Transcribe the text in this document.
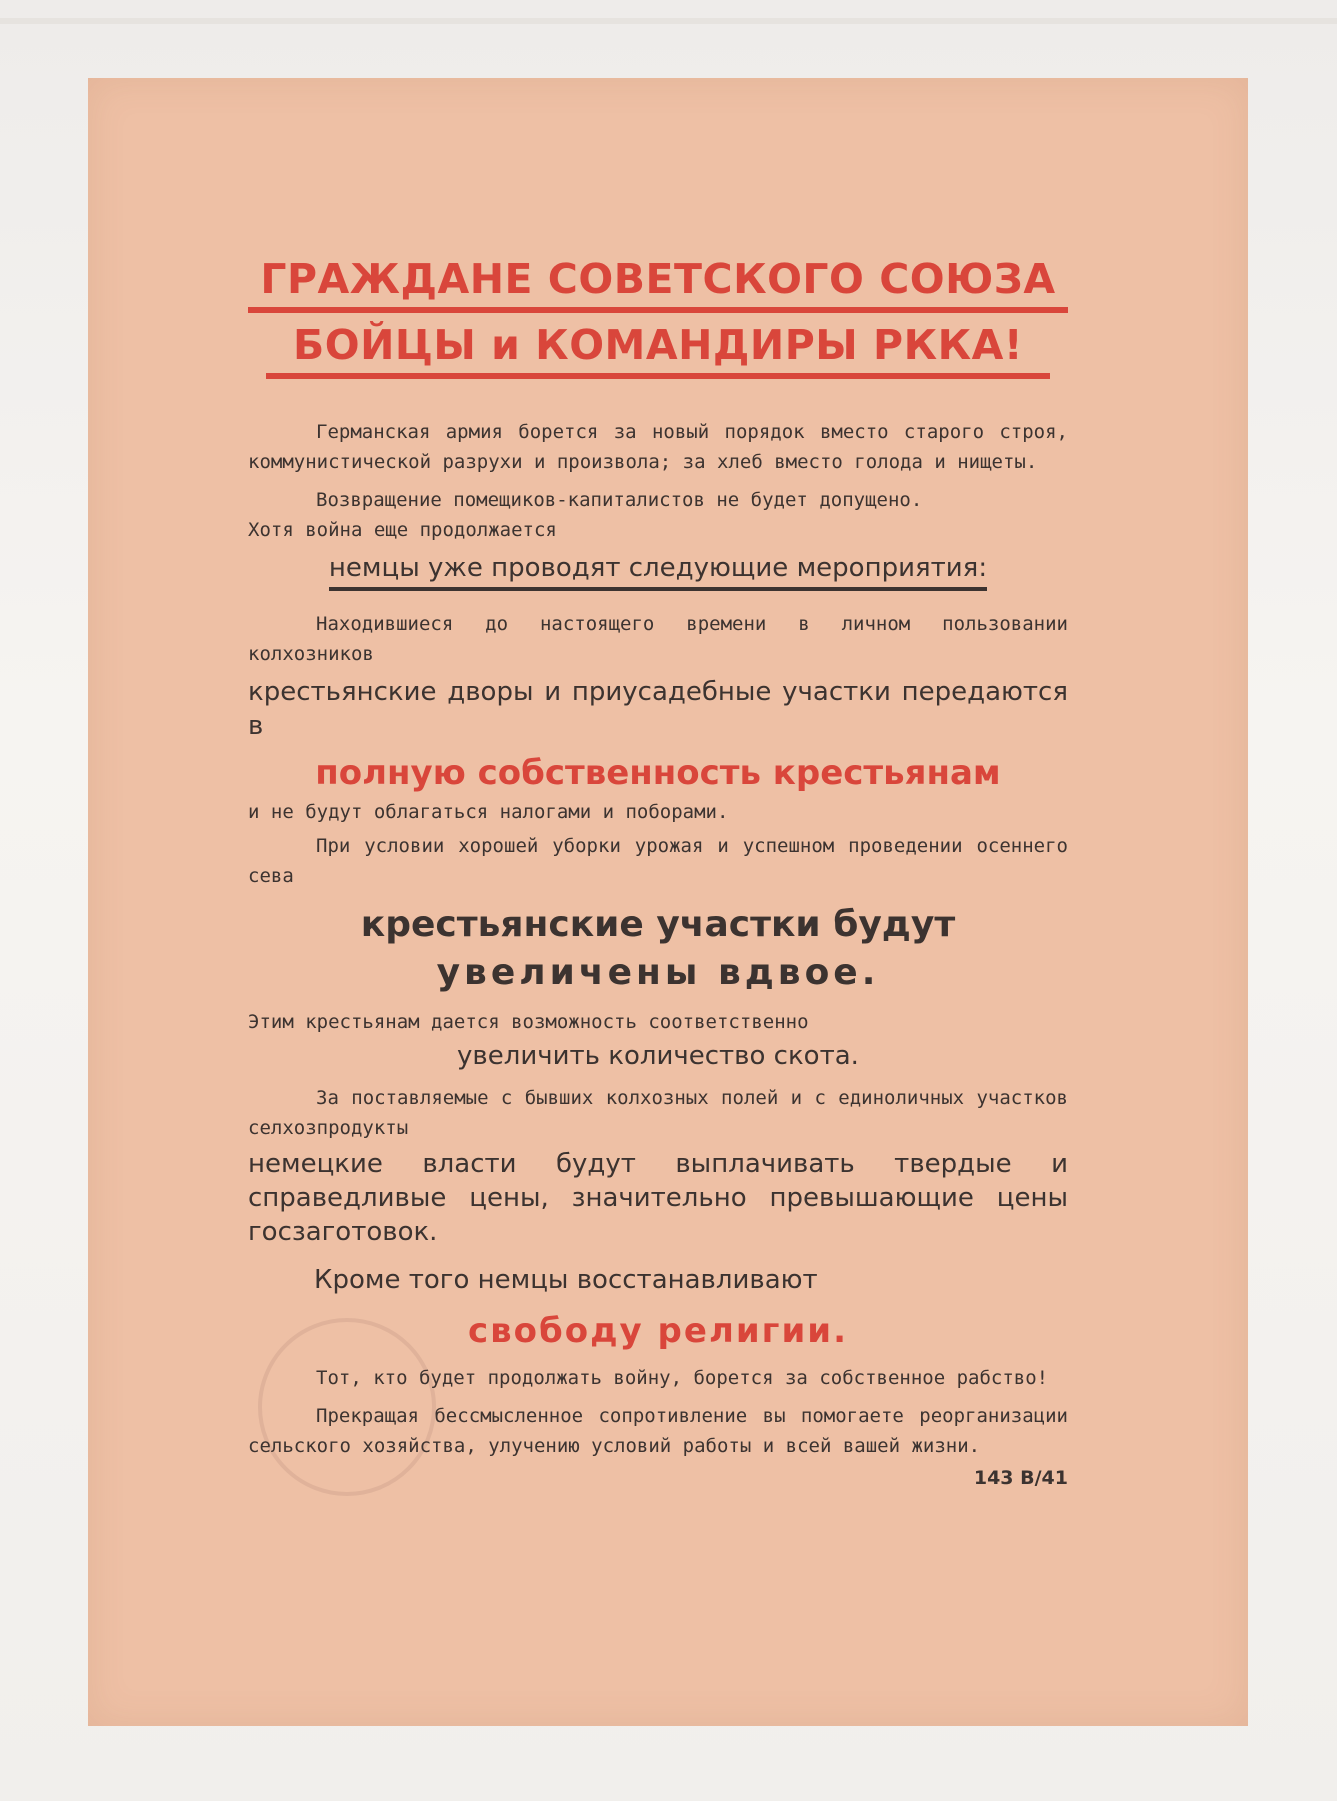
ГРАЖДАНЕ СОВЕТСКОГО СОЮЗА
БОЙЦЫ и КОМАНДИРЫ РККА!

Германская армия борется за новый порядок вместо старого строя, коммунистической разрухи и произвола; за хлеб вместо голода и нищеты.

Возвращение помещиков-капиталистов не будет допущено.

Хотя война еще продолжается

немцы уже проводят следующие мероприятия:

Находившиеся до настоящего времени в личном пользовании колхозников

крестьянские дворы и приусадебные участки передаются в

полную собственность крестьянам

и не будут облагаться налогами и поборами.

При условии хорошей уборки урожая и успешном проведении осеннего сева

крестьянские участки будут

увеличены вдвое.

Этим крестьянам дается возможность соответственно

увеличить количество скота.

За поставляемые с бывших колхозных полей и с единоличных участков селхозпродукты

немецкие власти будут выплачивать твердые и справедливые цены, значительно превышающие цены госзаготовок.

Кроме того немцы восстанавливают

свободу религии.

Тот, кто будет продолжать войну, борется за собственное рабство!

Прекращая бессмысленное сопротивление вы помогаете реорганизации сельского хозяйства, улучению условий работы и всей вашей жизни.

143 B/41
